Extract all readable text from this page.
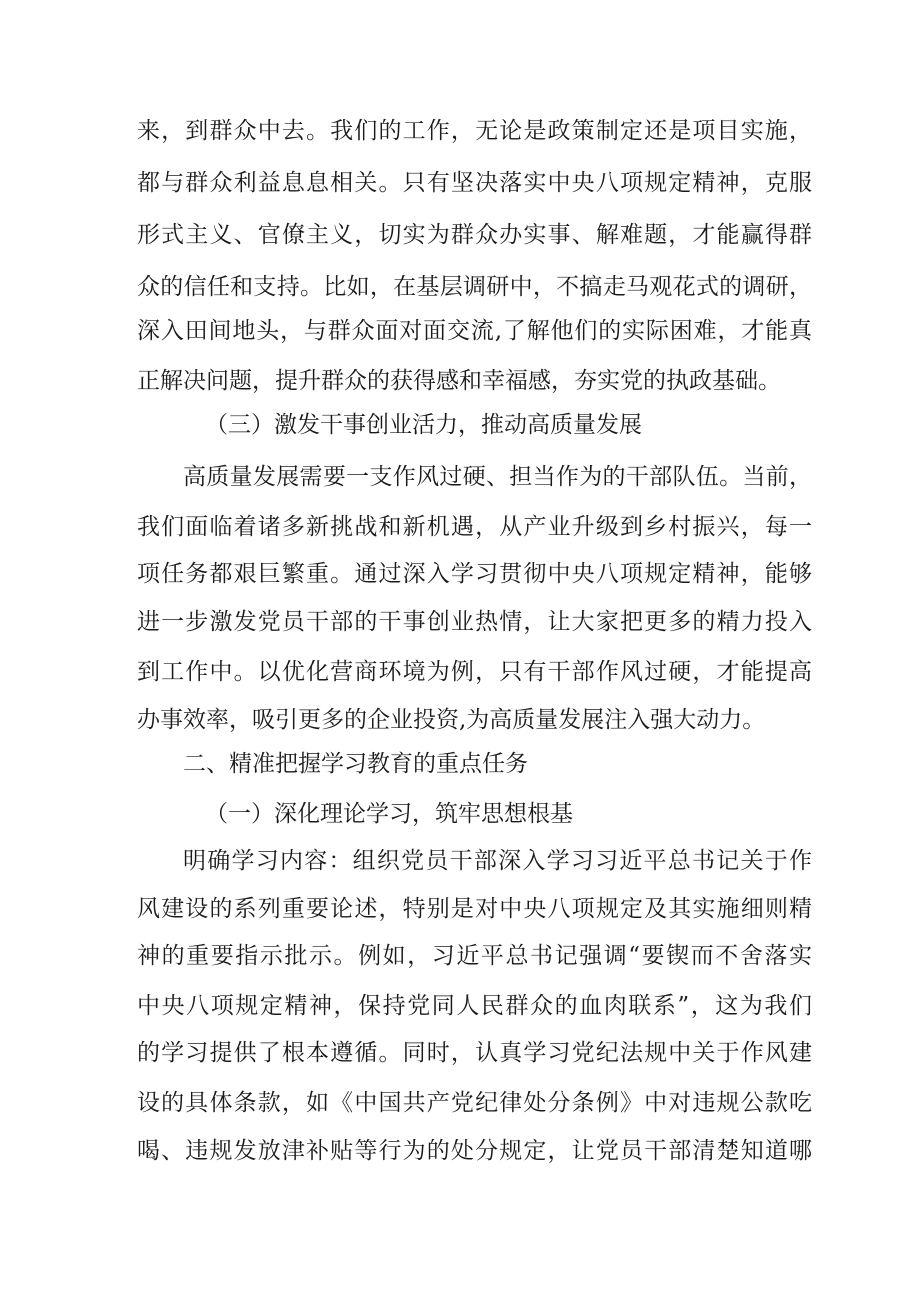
来，到群众中去。我们的工作，无论是政策制定还是项目实施，
都与群众利益息息相关。只有坚决落实中央八项规定精神，克服
形式主义、官僚主义，切实为群众办实事、解难题，才能赢得群
众的信任和支持。比如，在基层调研中，不搞走马观花式的调研，
深入田间地头，与群众面对面交流,了解他们的实际困难，才能真
正解决问题，提升群众的获得感和幸福感，夯实党的执政基础。
（三）激发干事创业活力，推动高质量发展
高质量发展需要一支作风过硬、担当作为的干部队伍。当前，
我们面临着诸多新挑战和新机遇，从产业升级到乡村振兴，每一
项任务都艰巨繁重。通过深入学习贯彻中央八项规定精神，能够
进一步激发党员干部的干事创业热情，让大家把更多的精力投入
到工作中。以优化营商环境为例，只有干部作风过硬，才能提高
办事效率，吸引更多的企业投资,为高质量发展注入强大动力。
二、精准把握学习教育的重点任务
（一）深化理论学习，筑牢思想根基
明确学习内容：组织党员干部深入学习习近平总书记关于作
风建设的系列重要论述，特别是对中央八项规定及其实施细则精
神的重要指示批示。例如，习近平总书记强调“要锲而不舍落实
中央八项规定精神，保持党同人民群众的血肉联系”，这为我们
的学习提供了根本遵循。同时，认真学习党纪法规中关于作风建
设的具体条款，如《中国共产党纪律处分条例》中对违规公款吃
喝、违规发放津补贴等行为的处分规定，让党员干部清楚知道哪
